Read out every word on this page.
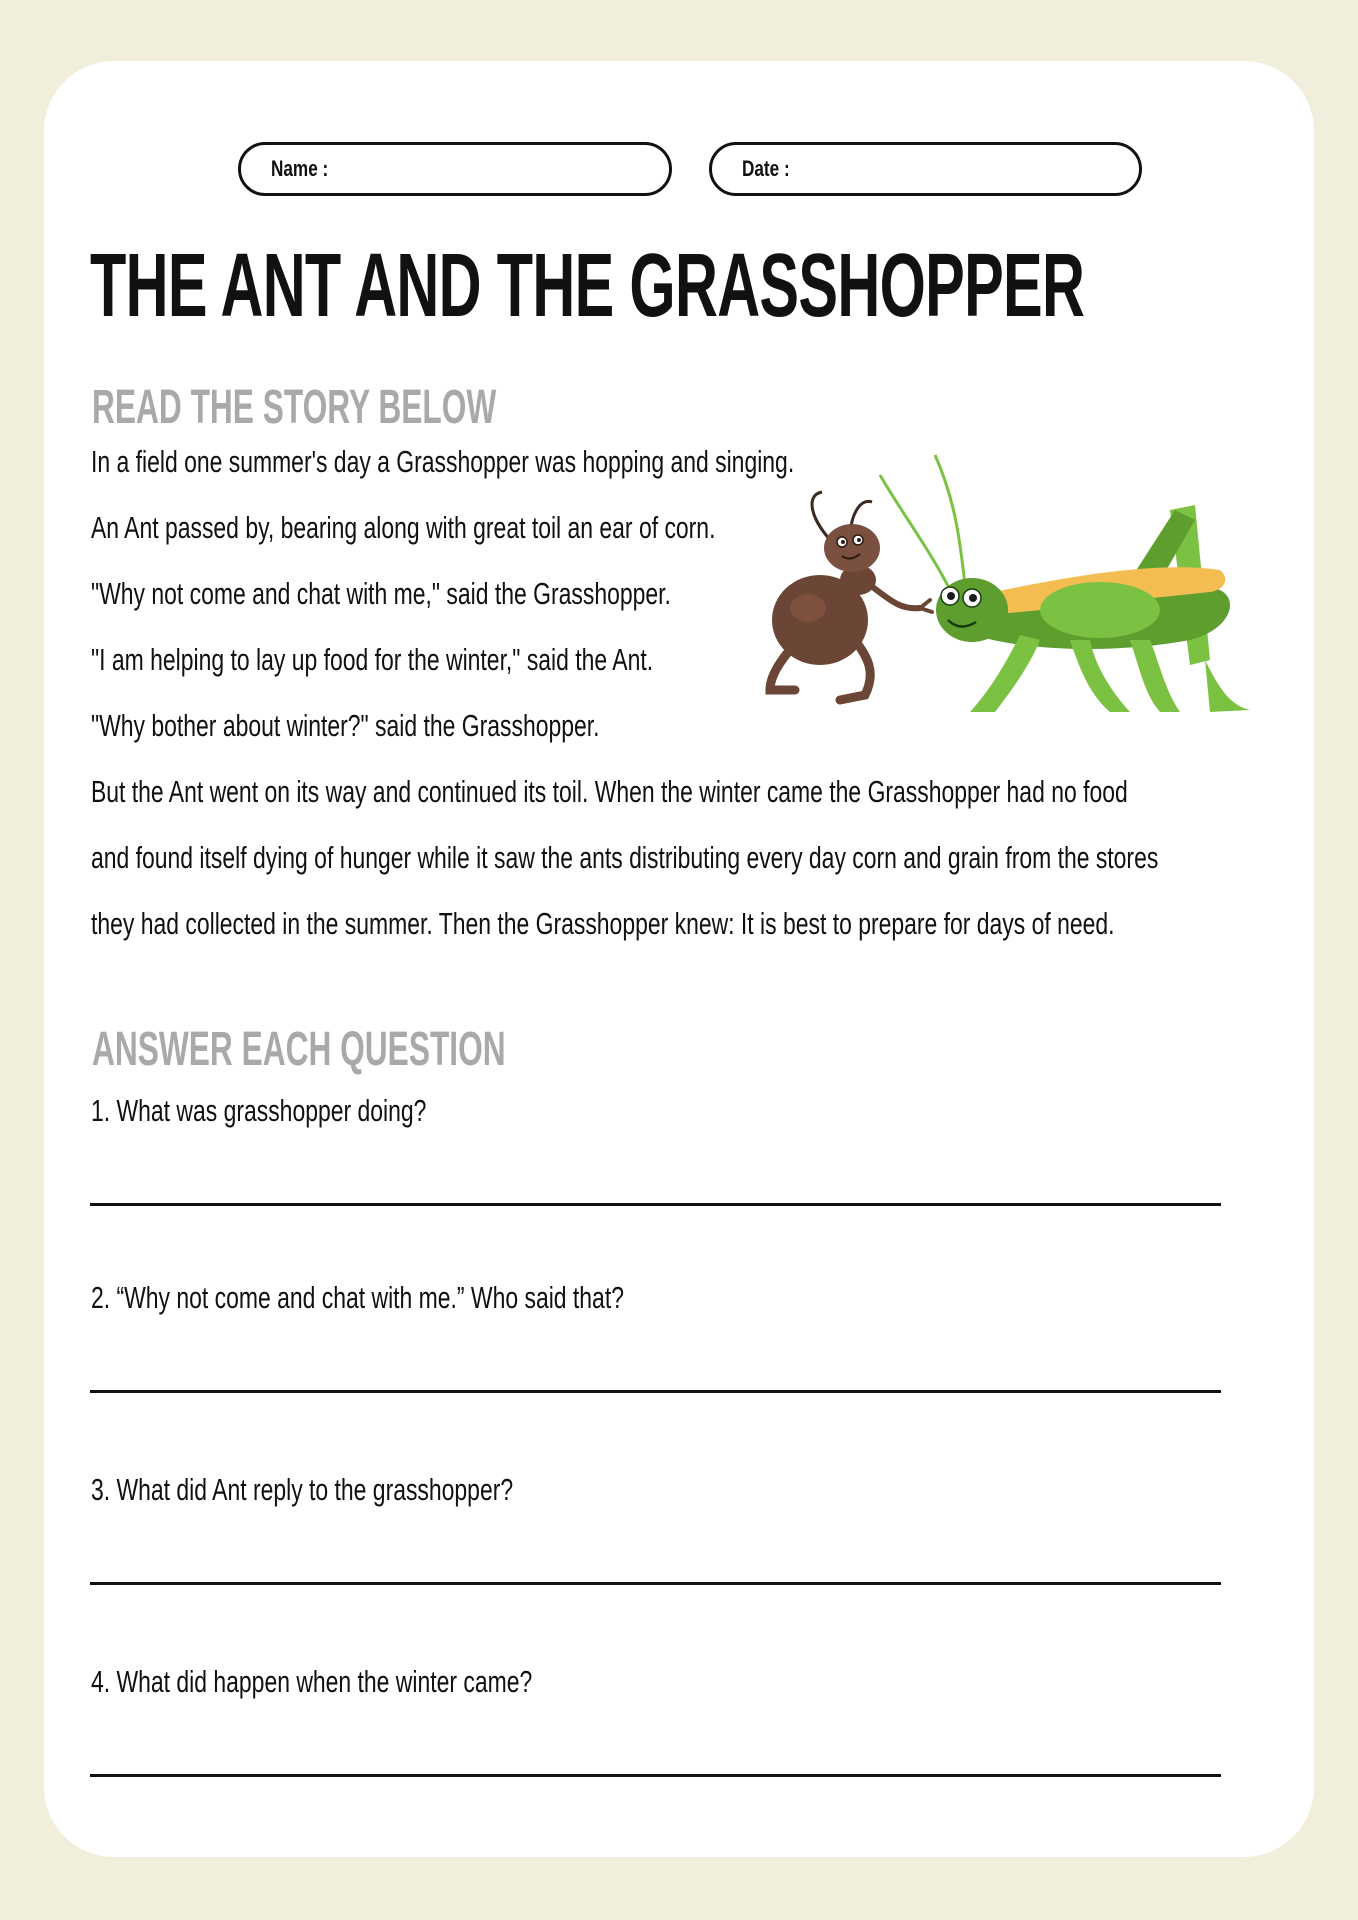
Name :	Date :
THE ANT AND THE GRASSHOPPER
READ THE STORY BELOW
In a field one summer's day a Grasshopper was hopping and singing.
An Ant passed by, bearing along with great toil an ear of corn.
"Why not come and chat with me," said the Grasshopper.
"I am helping to lay up food for the winter," said the Ant.
"Why bother about winter?" said the Grasshopper.
But the Ant went on its way and continued its toil. When the winter came the Grasshopper had no food
and found itself dying of hunger while it saw the ants distributing every day corn and grain from the stores
they had collected in the summer. Then the Grasshopper knew: It is best to prepare for days of need.
ANSWER EACH QUESTION
1. What was grasshopper doing?
2. “Why not come and chat with me.” Who said that?
3. What did Ant reply to the grasshopper?
4. What did happen when the winter came?
